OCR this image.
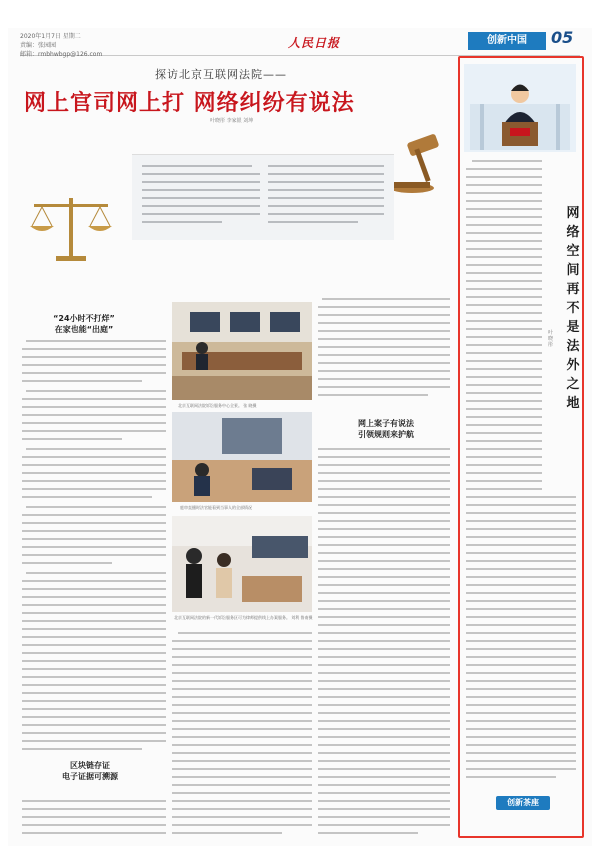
2020年1月7日 星期二
责编：张园园
邮箱：rmbhwbgp@126.com
人民日报	创新中国	05
探访北京互联网法院——
网上官司网上打 网络纠纷有说法
叶晓彤 李家银 刘坤
“24小时不打烊”
在家也能“出庭”
区块链存证
电子证据可溯源
北京互联网法院诉讼服务中心全景。 张 晓摄
庭审直播时法官能看到当事人的全部情况
北京互联网法院的新一代诉讼服务区可为律师提供线上办案服务。 刘利 鲁南摄
网上案子有说法
引领规则来护航
网络空间再不是法外之地
叶晓彤
创新茶座
